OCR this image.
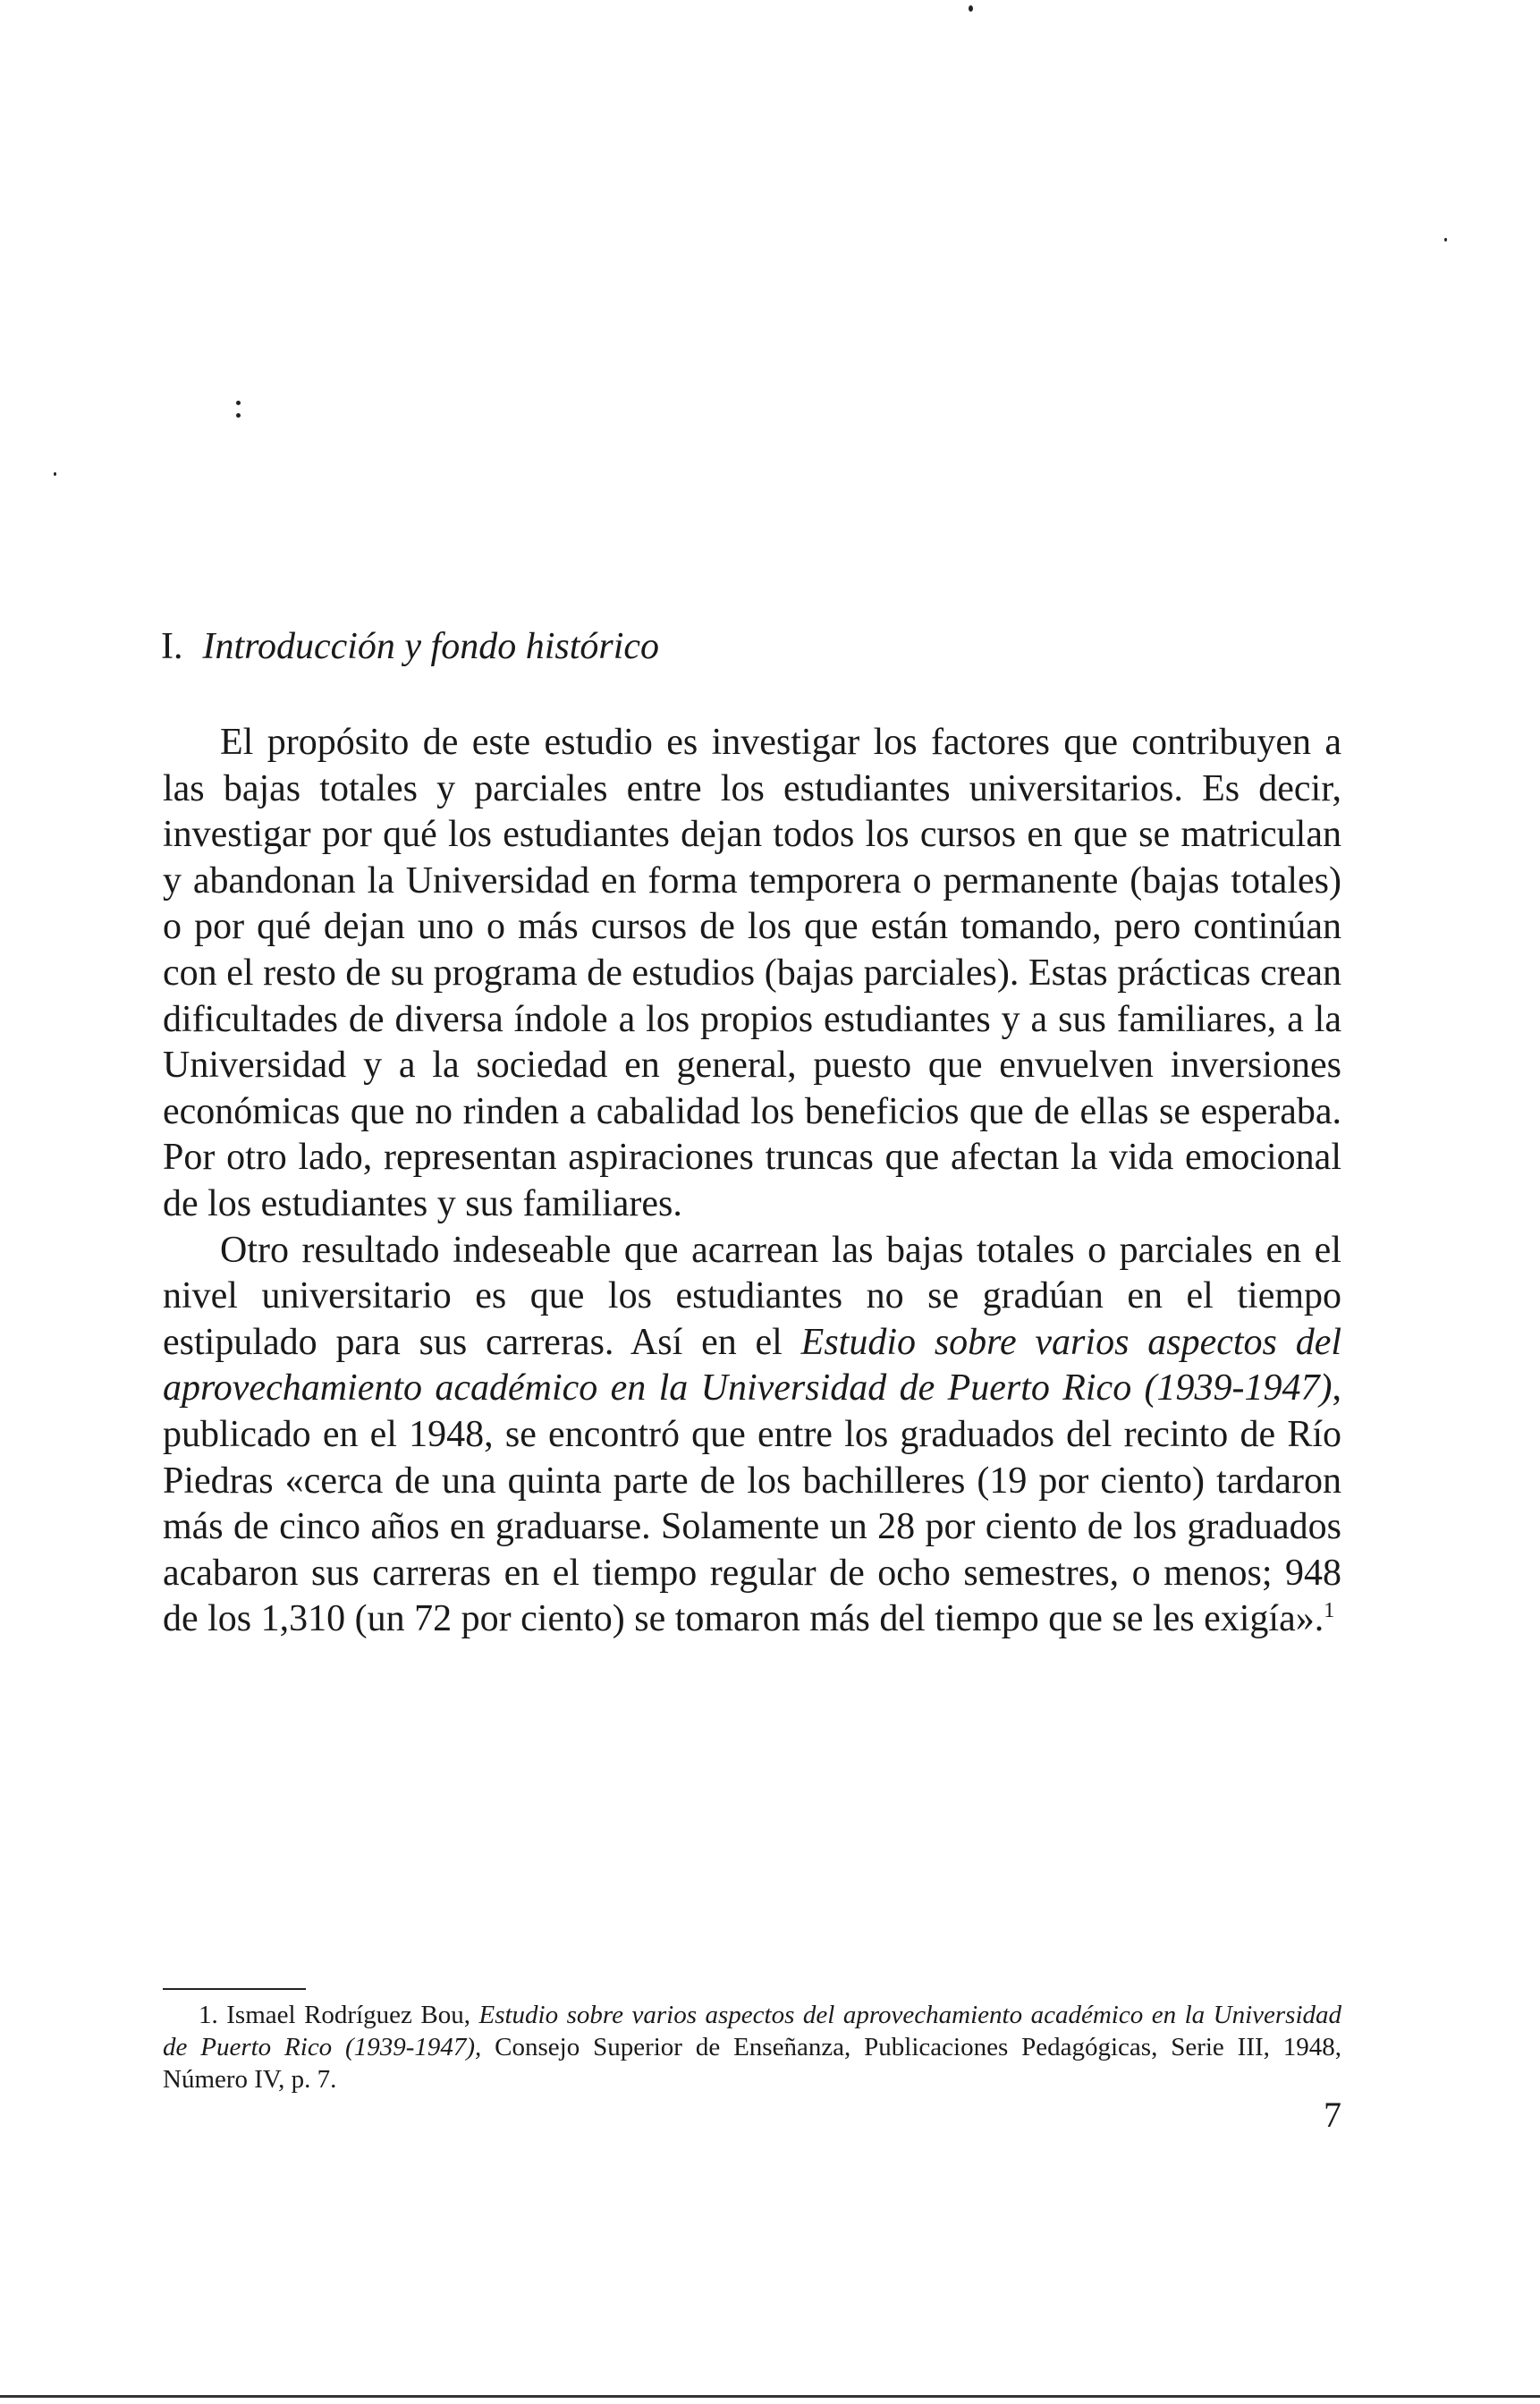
I. Introducción y fondo histórico

El propósito de este estudio es investigar los factores que contribuyen a las bajas totales y parciales entre los estudiantes universitarios. Es decir, investigar por qué los estudiantes dejan todos los cursos en que se matriculan y abandonan la Universidad en forma temporera o permanente (bajas totales) o por qué dejan uno o más cursos de los que están tomando, pero continúan con el resto de su programa de estudios (bajas parciales). Estas prácticas crean dificultades de diversa índole a los propios estudiantes y a sus familiares, a la Universidad y a la sociedad en general, puesto que envuelven inversiones económicas que no rinden a cabalidad los beneficios que de ellas se esperaba. Por otro lado, representan aspiraciones truncas que afectan la vida emocional de los estudiantes y sus familiares.

Otro resultado indeseable que acarrean las bajas totales o parciales en el nivel universitario es que los estudiantes no se gradúan en el tiempo estipulado para sus carreras. Así en el Estudio sobre varios aspectos del aprovechamiento académico en la Universidad de Puerto Rico (1939-1947), publicado en el 1948, se encontró que entre los graduados del recinto de Río Piedras «cerca de una quinta parte de los bachilleres (19 por ciento) tardaron más de cinco años en graduarse. Solamente un 28 por ciento de los graduados acabaron sus carreras en el tiempo regular de ocho semestres, o menos; 948 de los 1,310 (un 72 por ciento) se tomaron más del tiempo que se les exigía».$^1$

1. Ismael Rodríguez Bou, Estudio sobre varios aspectos del aprovechamiento académico en la Universidad de Puerto Rico (1939-1947), Consejo Superior de Enseñanza, Publicaciones Pedagógicas, Serie III, 1948, Número IV, p. 7.

7
